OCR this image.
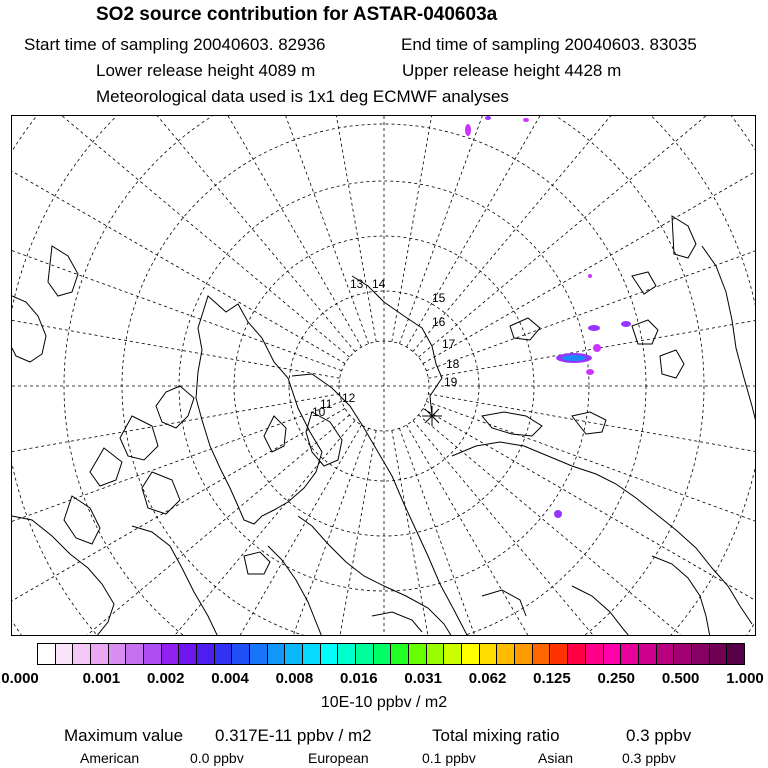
SO2 source contribution for ASTAR-040603a
Start time of sampling 20040603. 82936	End time of sampling 20040603. 83035
Lower release height 4089 m	Upper release height 4428 m
Meteorological data used is 1x1 deg ECMWF analyses
13 14
15
16
17
18
19
10
11 12
0.000	0.001 0.002 0.004 0.008 0.016 0.031 0.062 0.125 0.250 0.500 1.000
10E-10 ppbv / m2
Maximum value 0.317E-11 ppbv / m2	Total mixing ratio	0.3 ppbv
American	0.0 ppbv	European	0.1 ppbv	Asian	0.3 ppbv
